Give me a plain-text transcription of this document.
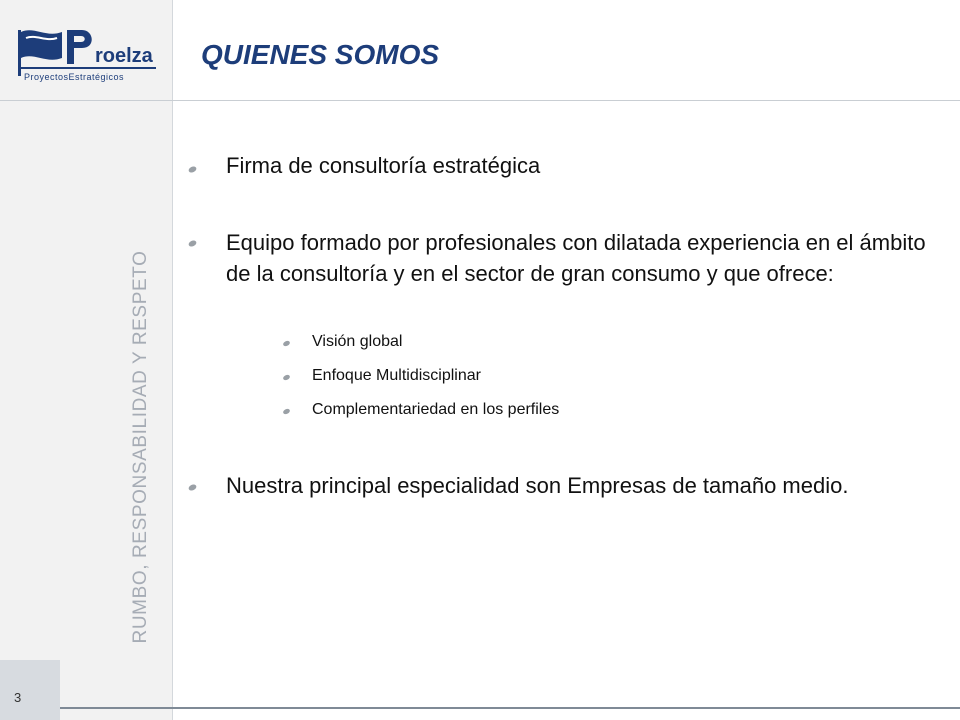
roelza
ProyectosEstratégicos
QUIENES SOMOS
RUMBO, RESPONSABILIDAD Y RESPETO
3
Firma de consultoría estratégica
Equipo formado por profesionales con dilatada experiencia en el ámbito de la consultoría y en el sector de gran consumo y que ofrece:
Visión global
Enfoque Multidisciplinar
Complementariedad en los perfiles
Nuestra principal especialidad son Empresas de tamaño medio.
